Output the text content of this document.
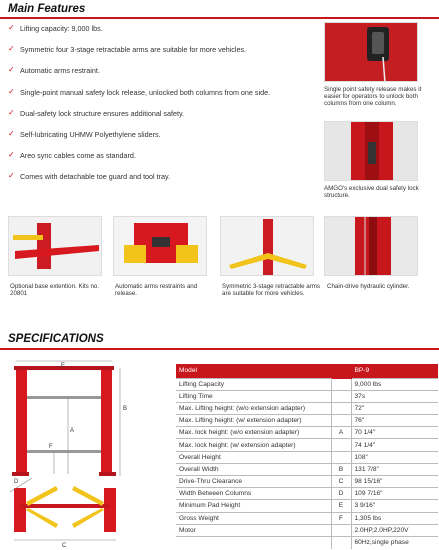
Main Features
✓ Lifting capacity: 9,000 lbs.
✓ Symmetric four 3-stage retractable arms are suitable for more vehicles.
✓ Automatic arms restraint.
✓ Single-point manual safety lock release, unlocked both columns from one side.
✓ Dual-safety lock structure ensures additional safety.
✓ Self-lubricating UHMW Polyethylene sliders.
✓ Areo sync cables come as standard.
✓ Comes with detachable toe guard and tool tray.
Single point safety release makes it easier for operators to unlock both columns from one column.
AMGO's exclusive dual safety lock structure.
Optional base extention. Kits no. 20801
Automatic arms restraints and release.
Symmetric 3-stage retractable arms are suitable for more vehicles.
Chain-drive hydraulic cylinder.
SPECIFICATIONS
E
B
A
F
D
C
Model		BP-9
Lifting Capacity		9,000 lbs
Lifting Time		37s
Max. Lifting height: (w/o extension adapter)		72"
Max. Lifting height: (w/ extension adapter)		76"
Max. lock height: (w/o extension adapter)	A	70 1/4"
Max. lock height: (w/ extension adapter)		74 1/4"
Overall Height		108"
Overall Width	B	131 7/8"
Drive-Thru Clearance	C	98 15/16"
Width Between Columns	D	109 7/16"
Minimum Pad Height	E	3 9/16"
Gross Weight	F	1,305 lbs
Motor		2.0HP,2.0HP,220V
		60Hz,single phase
